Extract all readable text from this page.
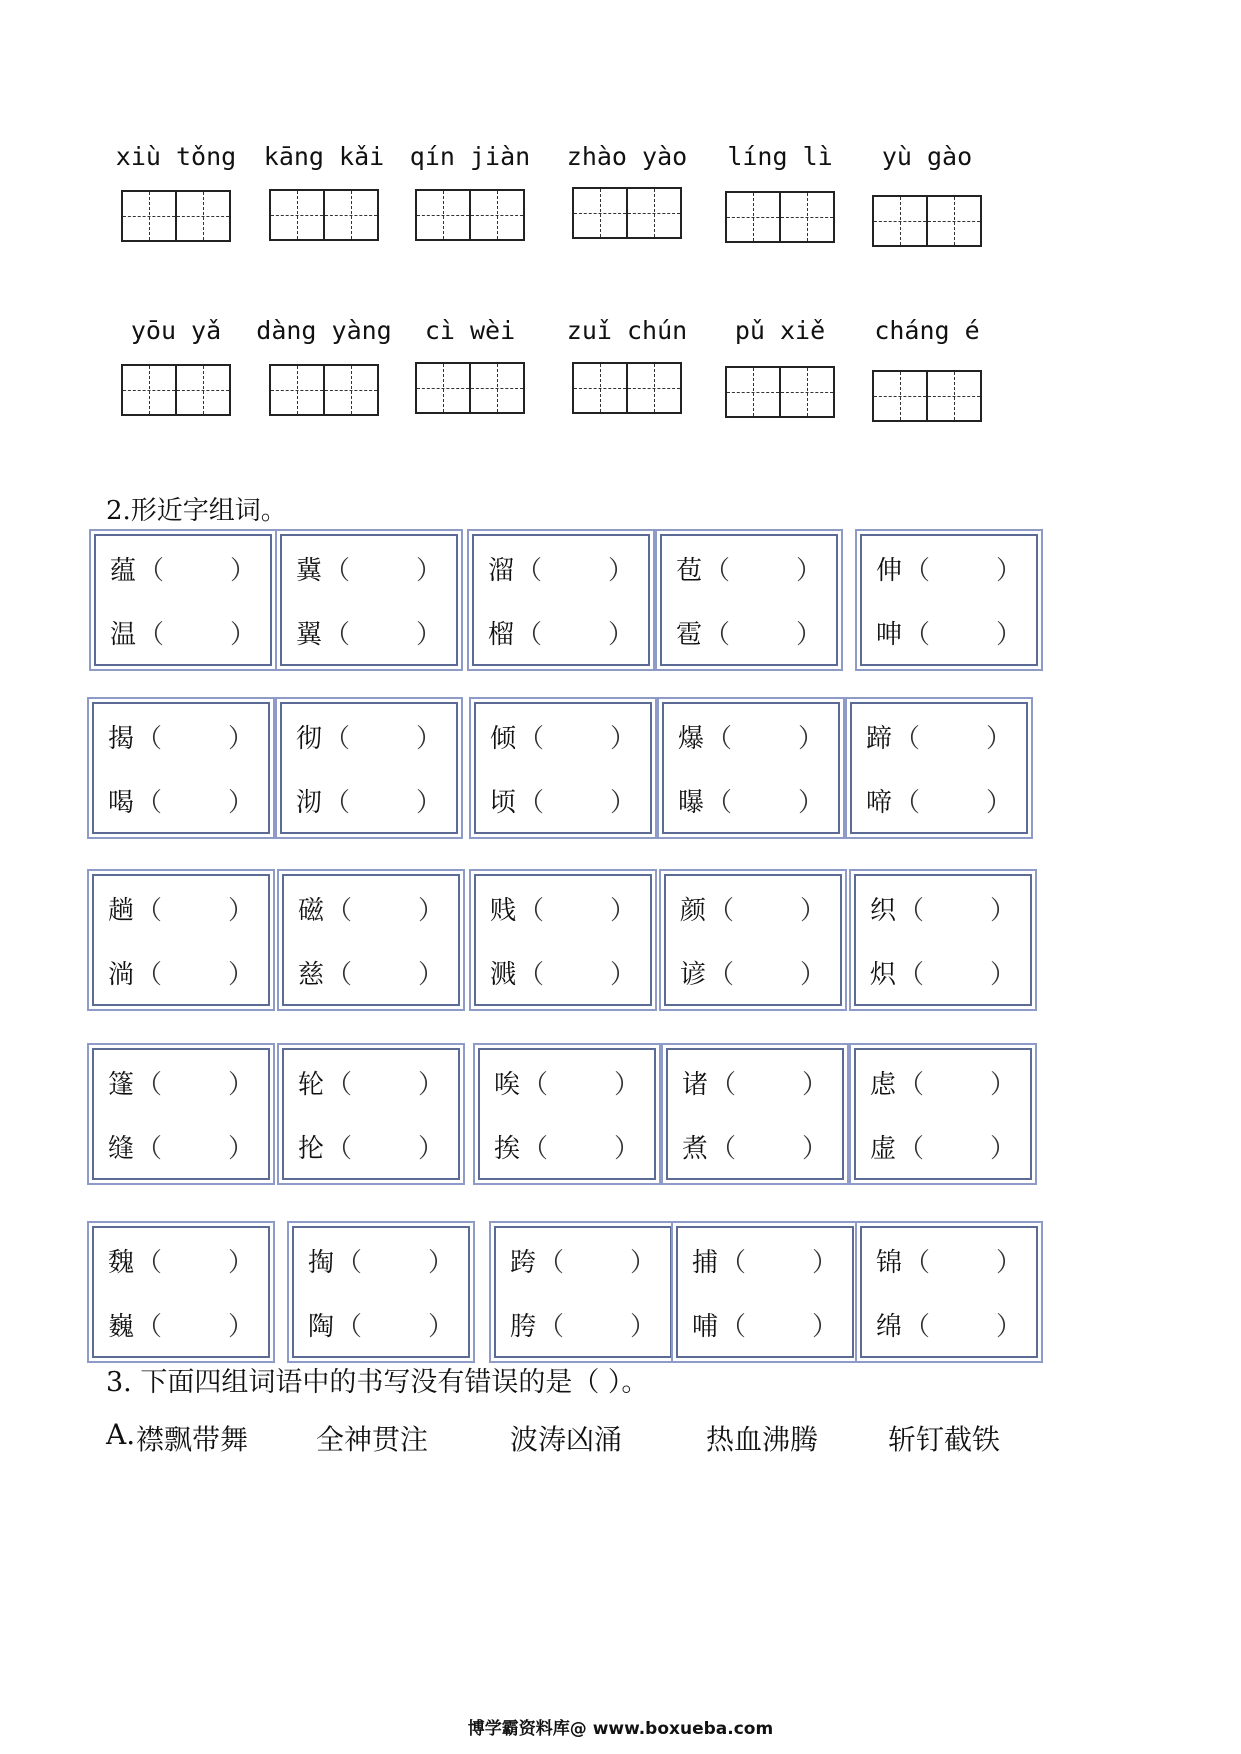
xiù tǒng	kāng kǎi	qín jiàn	zhào yào	líng lì	yù gào
yōu yǎ	dàng yàng	cì wèi	zuǐ chún	pǔ xiě	cháng é
2.形近字组词。
蕴 （	）
温 （	）
冀 （	）
翼 （	）
溜 （	）
榴 （	）
苞 （	）
雹 （	）
伸 （	）
呻 （	）
揭 （	）
喝 （	）
彻 （	）
沏 （	）
倾 （	）
顷 （	）
爆 （	）
曝 （	）
蹄 （	）
啼 （	）
趟 （	）
淌 （	）
磁 （	）
慈 （	）
贱 （	）
溅 （	）
颜 （	）
谚 （	）
织 （	）
炽 （	）
篷 （	）
缝 （	）
轮 （	）
抡 （	）
唉 （	）
挨 （	）
诸 （	）
煮 （	）
虑 （	）
虚 （	）
魏 （	）
巍 （	）
掏 （	）
陶 （	）
跨 （	）
胯 （	）
捕 （	）
哺 （	）
锦 （	）
绵 （	）
3. 下面四组词语中的书写没有错误的是（ ）。
A. 襟飘带舞 全神贯注	波涛凶涌	热血沸腾 斩钉截铁
博学霸资料库@ www.boxueba.com
